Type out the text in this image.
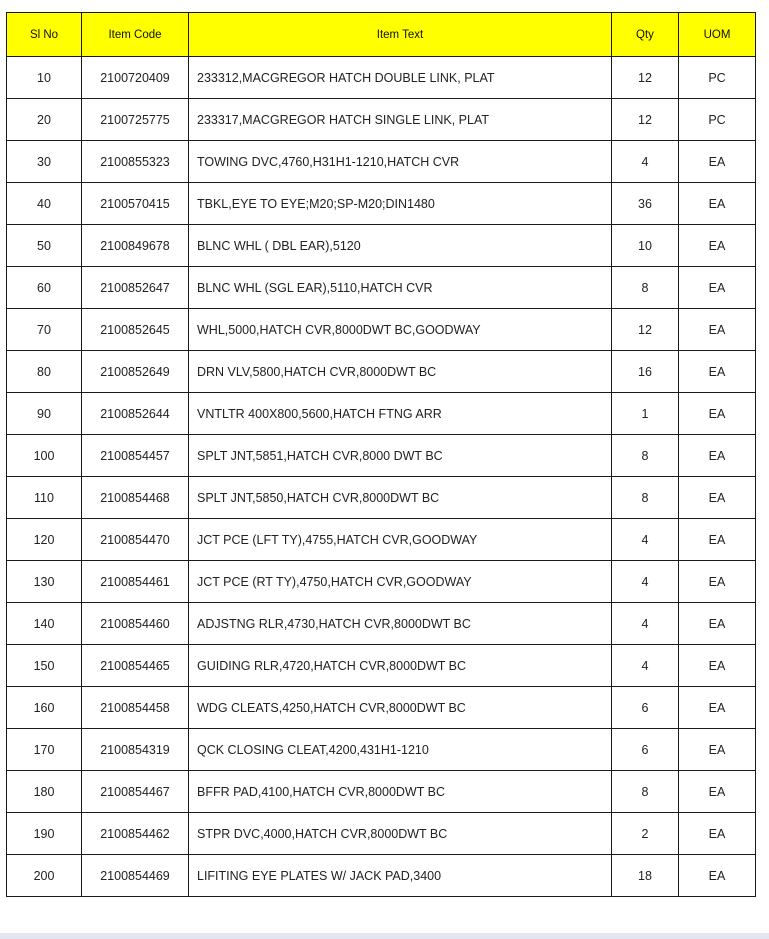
Sl No	Item Code	Item Text	Qty	UOM
10	2100720409	233312,MACGREGOR HATCH DOUBLE LINK, PLAT	12	PC
20	2100725775	233317,MACGREGOR HATCH SINGLE LINK, PLAT	12	PC
30	2100855323	TOWING DVC,4760,H31H1-1210,HATCH CVR	4	EA
40	2100570415	TBKL,EYE TO EYE;M20;SP-M20;DIN1480	36	EA
50	2100849678	BLNC WHL ( DBL EAR),5120	10	EA
60	2100852647	BLNC WHL (SGL EAR),5110,HATCH CVR	8	EA
70	2100852645	WHL,5000,HATCH CVR,8000DWT BC,GOODWAY	12	EA
80	2100852649	DRN VLV,5800,HATCH CVR,8000DWT BC	16	EA
90	2100852644	VNTLTR 400X800,5600,HATCH FTNG ARR	1	EA
100	2100854457	SPLT JNT,5851,HATCH CVR,8000 DWT BC	8	EA
110	2100854468	SPLT JNT,5850,HATCH CVR,8000DWT BC	8	EA
120	2100854470	JCT PCE (LFT TY),4755,HATCH CVR,GOODWAY	4	EA
130	2100854461	JCT PCE (RT TY),4750,HATCH CVR,GOODWAY	4	EA
140	2100854460	ADJSTNG RLR,4730,HATCH CVR,8000DWT BC	4	EA
150	2100854465	GUIDING RLR,4720,HATCH CVR,8000DWT BC	4	EA
160	2100854458	WDG CLEATS,4250,HATCH CVR,8000DWT BC	6	EA
170	2100854319	QCK CLOSING CLEAT,4200,431H1-1210	6	EA
180	2100854467	BFFR PAD,4100,HATCH CVR,8000DWT BC	8	EA
190	2100854462	STPR DVC,4000,HATCH CVR,8000DWT BC	2	EA
200	2100854469	LIFITING EYE PLATES W/ JACK PAD,3400	18	EA
